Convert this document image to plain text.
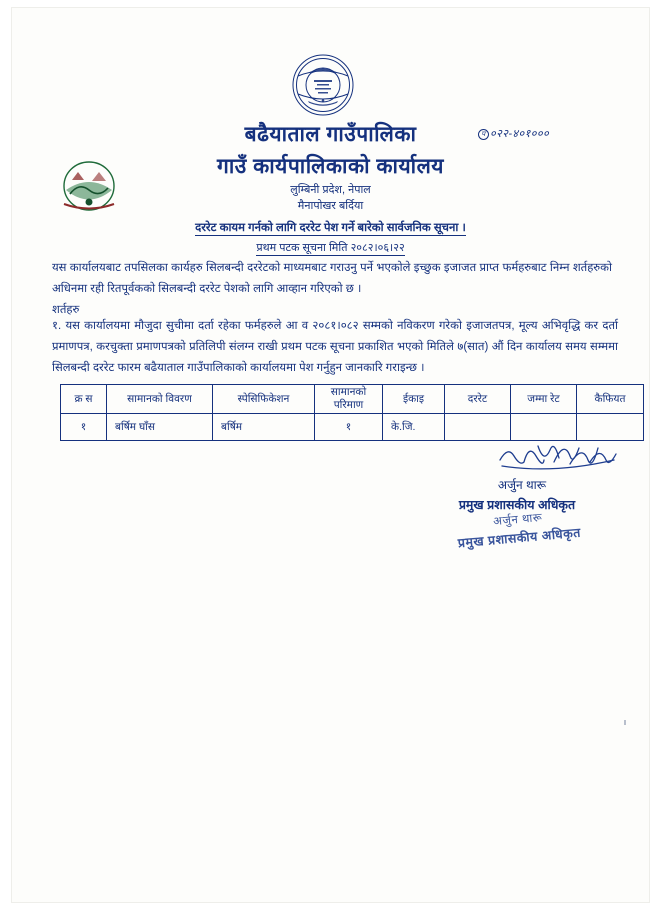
प ०२२-४०१०००
बढैयाताल गाउँपालिका
गाउँ कार्यपालिकाको कार्यालय
लुम्बिनी प्रदेश, नेपाल
मैनापोखर बर्दिया
दररेट कायम गर्नको लागि दररेट पेश गर्ने बारेको सार्वजनिक सूचना ।
प्रथम पटक सूचना मिति २०८२।०६।२२
यस कार्यालयबाट तपसिलका कार्यहरु सिलबन्दी दररेटको माध्यमबाट गराउनु पर्ने भएकोले इच्छुक इजाजत प्राप्त फर्महरुबाट निम्न शर्तहरुको अधिनमा रही रितपूर्वकको सिलबन्दी दररेट पेशको लागि आव्हान गरिएको छ ।
शर्तहरु
१. यस कार्यालयमा मौजुदा सुचीमा दर्ता रहेका फर्महरुले आ व २०८१।०८२ सम्मको नविकरण गरेको इजाजतपत्र, मूल्य अभिवृद्धि कर दर्ता प्रमाणपत्र, करचुक्ता प्रमाणपत्रको प्रतिलिपी संलग्न राखी प्रथम पटक सूचना प्रकाशित भएको मितिले ७(सात) औं दिन कार्यालय समय सम्ममा सिलबन्दी दररेट फारम बढैयाताल गाउँपालिकाको कार्यालयमा पेश गर्नुहुन जानकारि गराइन्छ ।
क्र स	सामानको विवरण	स्पेसिफिकेशन	सामानको परिमाण	ईकाइ	दररेट	जम्मा रेट	कैफियत
१	बर्षिम घाँस	बर्षिम	१	के.जि.			
अर्जुन थारू
प्रमुख प्रशासकीय अधिकृत
अर्जुन थारू
प्रमुख प्रशासकीय अधिकृत
